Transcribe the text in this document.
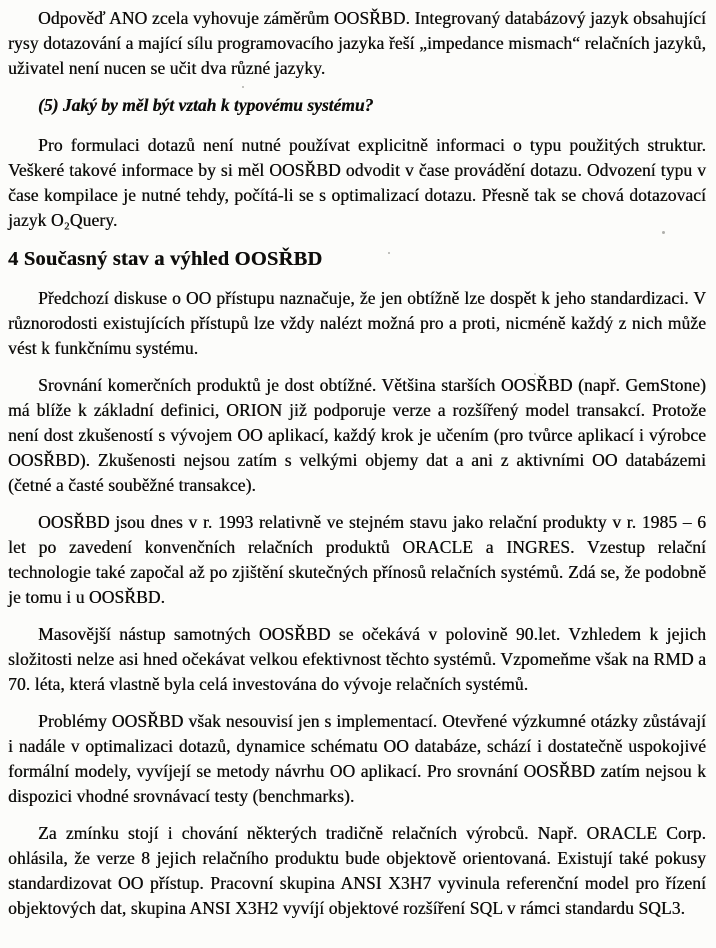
Odpověď ANO zcela vyhovuje záměrům OOSŘBD. Integrovaný databázový jazyk obsahující rysy dotazování a mající sílu programovacího jazyka řeší „impedance mismach“ relačních jazyků, uživatel není nucen se učit dva různé jazyky.

(5) Jaký by měl být vztah k typovému systému?

Pro formulaci dotazů není nutné používat explicitně informaci o typu použitých struktur. Veškeré takové informace by si měl OOSŘBD odvodit v čase provádění dotazu. Odvození typu v čase kompilace je nutné tehdy, počítá-li se s optimalizací dotazu. Přesně tak se chová dotazovací jazyk O₂Query.

4 Současný stav a výhled OOSŘBD

Předchozí diskuse o OO přístupu naznačuje, že jen obtížně lze dospět k jeho standardizaci. V různorodosti existujících přístupů lze vždy nalézt možná pro a proti, nicméně každý z nich může vést k funkčnímu systému.

Srovnání komerčních produktů je dost obtížné. Většina starších OOSŘBD (např. GemStone) má blíže k základní definici, ORION již podporuje verze a rozšířený model transakcí. Protože není dost zkušeností s vývojem OO aplikací, každý krok je učením (pro tvůrce aplikací i výrobce OOSŘBD). Zkušenosti nejsou zatím s velkými objemy dat a ani z aktivními OO databázemi (četné a časté souběžné transakce).

OOSŘBD jsou dnes v r. 1993 relativně ve stejném stavu jako relační produkty v r. 1985 – 6 let po zavedení konvenčních relačních produktů ORACLE a INGRES. Vzestup relační technologie také započal až po zjištění skutečných přínosů relačních systémů. Zdá se, že podobně je tomu i u OOSŘBD.

Masovější nástup samotných OOSŘBD se očekává v polovině 90.let. Vzhledem k jejich složitosti nelze asi hned očekávat velkou efektivnost těchto systémů. Vzpomeňme však na RMD a 70. léta, která vlastně byla celá investována do vývoje relačních systémů.

Problémy OOSŘBD však nesouvisí jen s implementací. Otevřené výzkumné otázky zůstávají i nadále v optimalizaci dotazů, dynamice schématu OO databáze, schází i dostatečně uspokojivé formální modely, vyvíjejí se metody návrhu OO aplikací. Pro srovnání OOSŘBD zatím nejsou k dispozici vhodné srovnávací testy (benchmarks).

Za zmínku stojí i chování některých tradičně relačních výrobců. Např. ORACLE Corp. ohlásila, že verze 8 jejich relačního produktu bude objektově orientovaná. Existují také pokusy standardizovat OO přístup. Pracovní skupina ANSI X3H7 vyvinula referenční model pro řízení objektových dat, skupina ANSI X3H2 vyvíjí objektové rozšíření SQL v rámci standardu SQL3.
